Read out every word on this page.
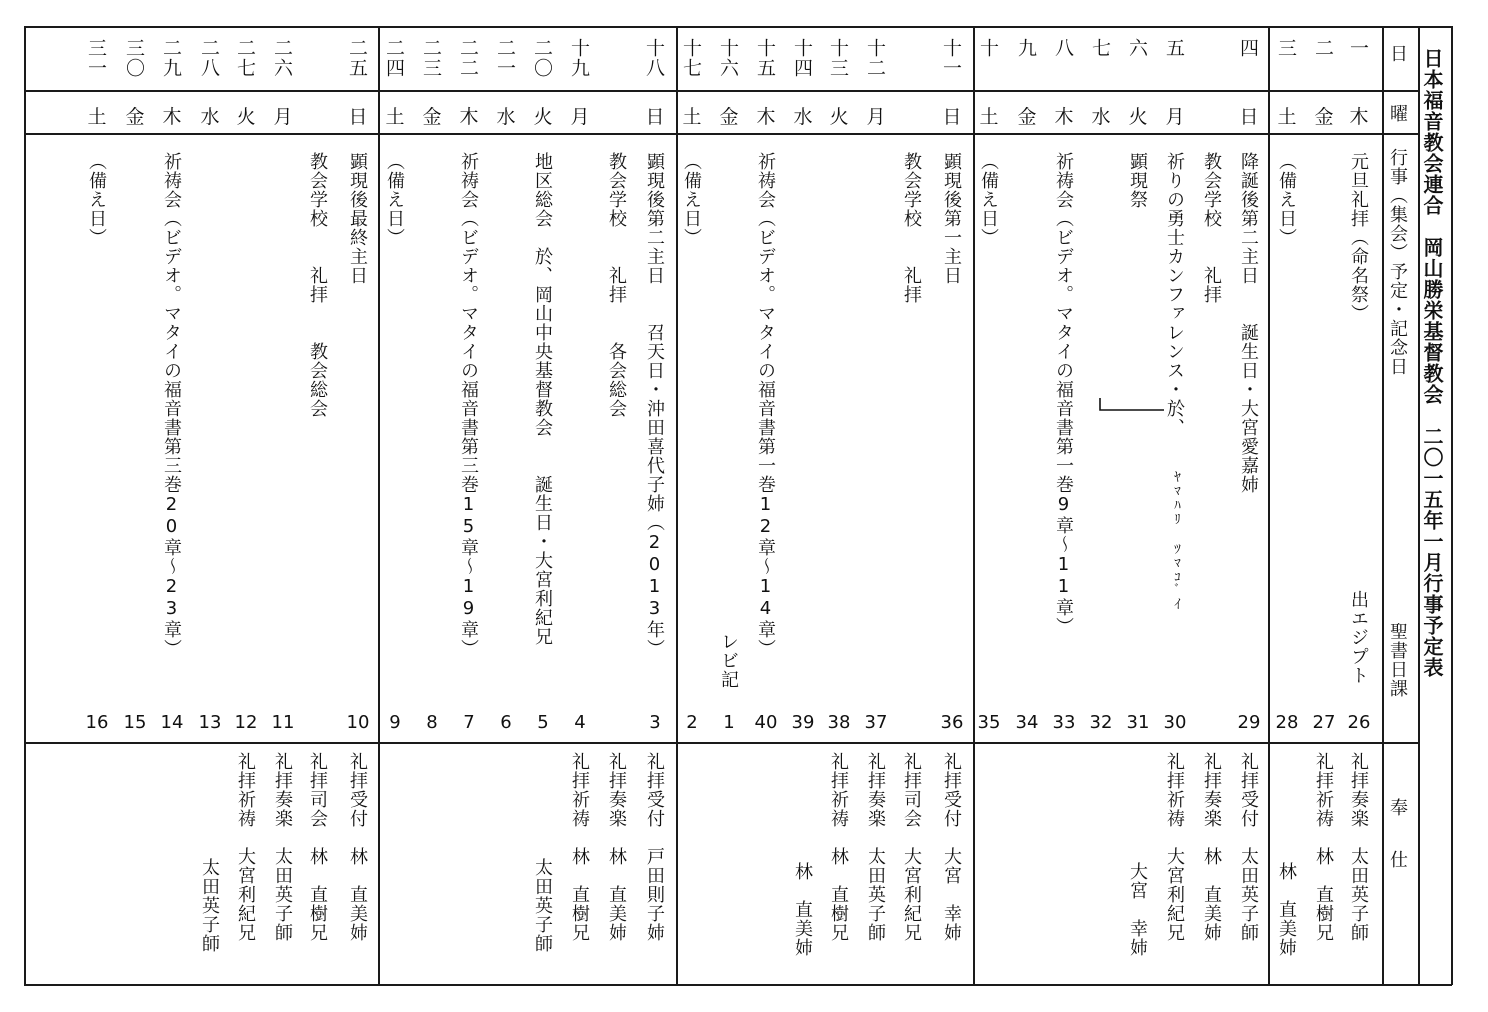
日本福音教会連合　岡山勝栄基督教会　二〇一五年一月行事予定表
日
曜
行事（集会）予定・記念日
聖書日課
奉　仕
一
木
元旦礼拝（命名祭）
出エジプト
26
礼拝奏楽　太田英子師
二
金
27
礼拝祈祷　林　直樹兄
三
土
（備え日）
28
林　直美姉
四
日
降誕後第二主日　　誕生日・大宮愛嘉姉
29
礼拝受付　太田英子師
教会学校　　礼拝
礼拝奏楽　林　直美姉
五
月
祈りの勇士カンファレンス・於、
ﾔﾏﾊﾘ ﾂﾏｺﾞｲ
30
礼拝祈祷　大宮利紀兄
六
火
顕現祭
31
大宮　幸姉
七
水
32
八
木
祈祷会（ビデオ。マタイの福音書第一巻9章〜11章）
33
九
金
34
十
土
（備え日）
35
十一
日
顕現後第一主日
36
礼拝受付　大宮　幸姉
教会学校　　礼拝
礼拝司会　大宮利紀兄
十二
月
37
礼拝奏楽　太田英子師
十三
火
38
礼拝祈祷　林　直樹兄
十四
水
39
林　直美姉
十五
木
祈祷会（ビデオ。マタイの福音書第一巻12章〜14章）
40
十六
金
レビ記
1
十七
土
（備え日）
2
十八
日
顕現後第二主日　　召天日・沖田喜代子姉（2013年）
3
礼拝受付　戸田則子姉
教会学校　　礼拝　　各会総会
礼拝奏楽　林　直美姉
十九
月
4
礼拝祈祷　林　直樹兄
二〇
火
地区総会　於、岡山中央基督教会　　誕生日・大宮利紀兄
5
太田英子師
二一
水
6
二二
木
祈祷会（ビデオ。マタイの福音書第三巻15章〜19章）
7
二三
金
8
二四
土
（備え日）
9
二五
日
顕現後最終主日
10
礼拝受付　林　直美姉
教会学校　　礼拝　　教会総会
礼拝司会　林　直樹兄
二六
月
11
礼拝奏楽　太田英子師
二七
火
12
礼拝祈祷　大宮利紀兄
二八
水
13
太田英子師
二九
木
祈祷会（ビデオ。マタイの福音書第三巻20章〜23章）
14
三〇
金
15
三一
土
（備え日）
16
